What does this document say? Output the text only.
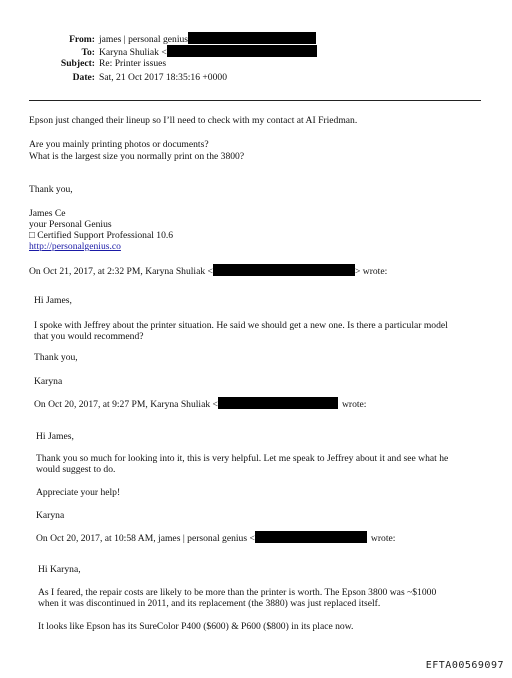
From: james | personal genius
To: Karyna Shuliak <
Subject: Re: Printer issues
Date: Sat, 21 Oct 2017 18:35:16 +0000
Epson just changed their lineup so I’ll need to check with my contact at AI Friedman.
Are you mainly printing photos or documents?
What is the largest size you normally print on the 3800?
Thank you,
James Ce
your Personal Genius
□ Certified Support Professional 10.6
http://personalgenius.co
On Oct 21, 2017, at 2:32 PM, Karyna Shuliak <	> wrote:
Hi James,
I spoke with Jeffrey about the printer situation. He said we should get a new one. Is there a particular model
that you would recommend?
Thank you,
Karyna
On Oct 20, 2017, at 9:27 PM, Karyna Shuliak <	wrote:
Hi James,
Thank you so much for looking into it, this is very helpful. Let me speak to Jeffrey about it and see what he
would suggest to do.
Appreciate your help!
Karyna
On Oct 20, 2017, at 10:58 AM, james | personal genius <	wrote:
Hi Karyna,
As I feared, the repair costs are likely to be more than the printer is worth. The Epson 3800 was ~$1000
when it was discontinued in 2011, and its replacement (the 3880) was just replaced itself.
It looks like Epson has its SureColor P400 ($600) & P600 ($800) in its place now.
EFTA00569097
